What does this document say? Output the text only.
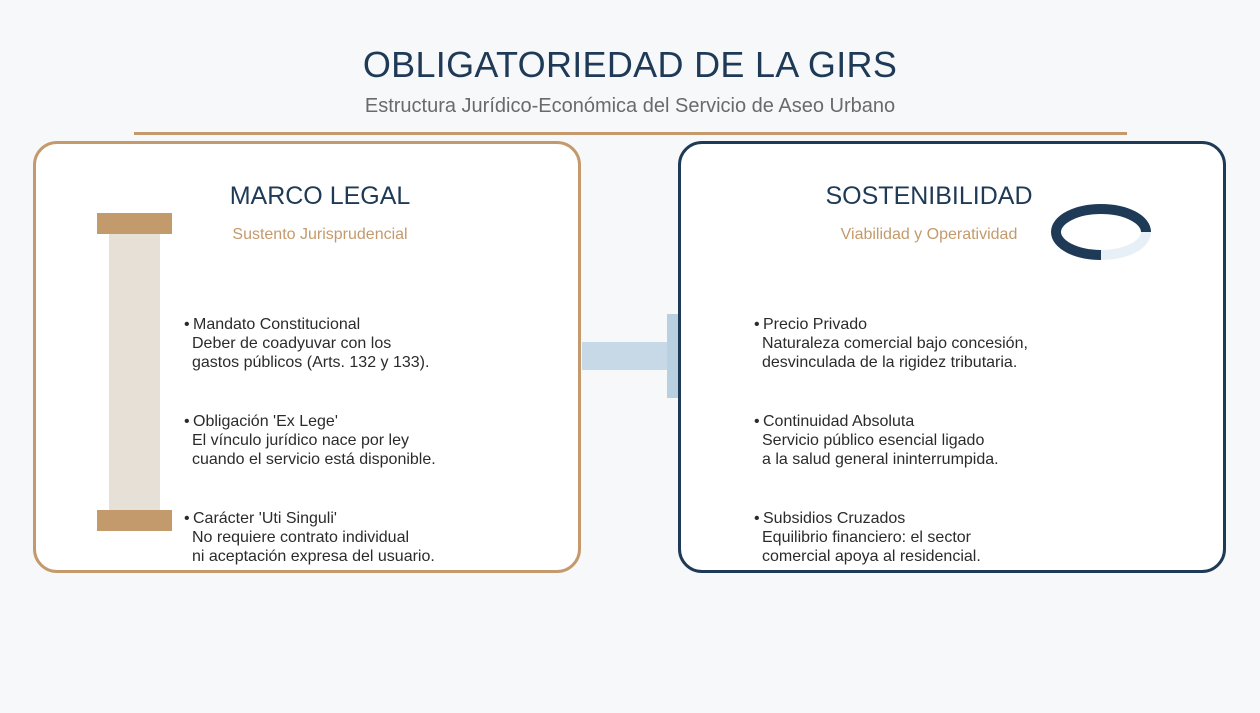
OBLIGATORIEDAD DE LA GIRS
Estructura Jurídico-Económica del Servicio de Aseo Urbano
MARCO LEGAL
Sustento Jurisprudencial
• Mandato Constitucional
Deber de coadyuvar con los
gastos públicos (Arts. 132 y 133).
• Obligación 'Ex Lege'
El vínculo jurídico nace por ley
cuando el servicio está disponible.
• Carácter 'Uti Singuli'
No requiere contrato individual
ni aceptación expresa del usuario.
SOSTENIBILIDAD
Viabilidad y Operatividad
• Precio Privado
Naturaleza comercial bajo concesión,
desvinculada de la rigidez tributaria.
• Continuidad Absoluta
Servicio público esencial ligado
a la salud general ininterrumpida.
• Subsidios Cruzados
Equilibrio financiero: el sector
comercial apoya al residencial.
